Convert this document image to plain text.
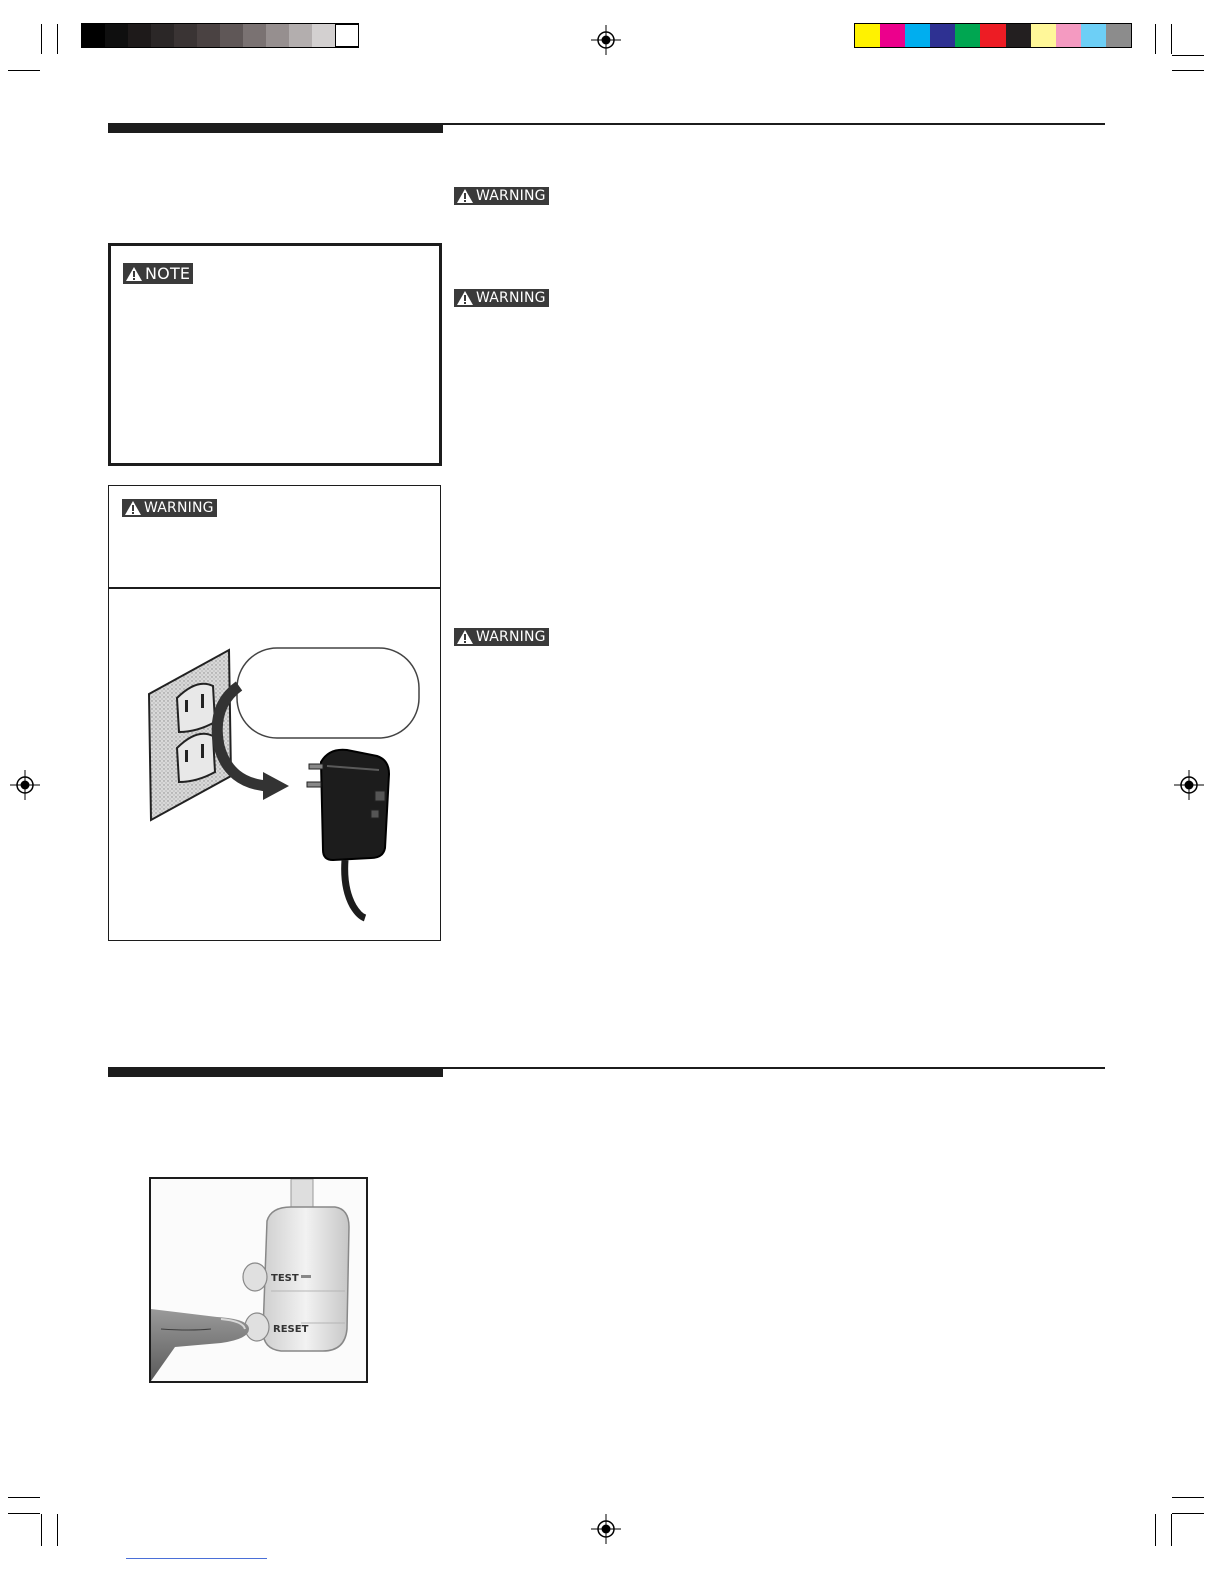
WARNING
WARNING
WARNING
NOTE
WARNING
TEST
RESET
